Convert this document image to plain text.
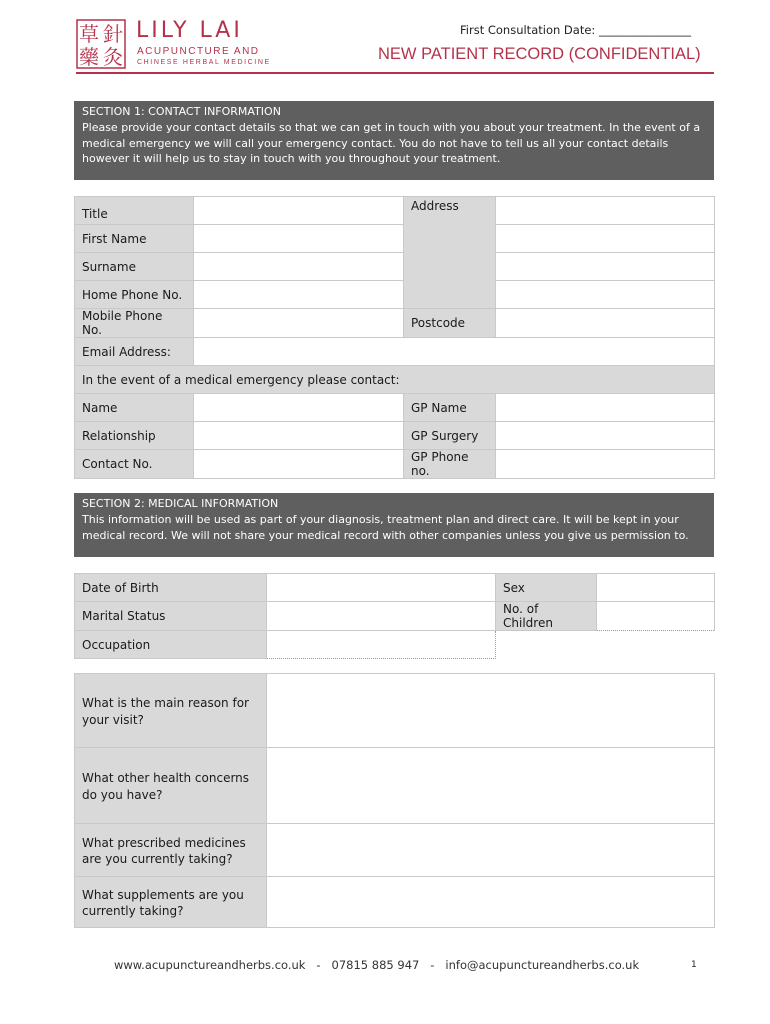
草 針
藥 灸
LILY LAI
ACUPUNCTURE AND
CHINESE HERBAL MEDICINE
First Consultation Date: ________________
NEW PATIENT RECORD (CONFIDENTIAL)
SECTION 1: CONTACT INFORMATION
Please provide your contact details so that we can get in touch with you about your treatment. In the event of a medical emergency we will call your emergency contact. You do not have to tell us all your contact details however it will help us to stay in touch with you throughout your treatment.
Title		Address	
First Name			
Surname			
Home Phone No.			
Mobile Phone No.		Postcode	
Email Address:			
In the event of a medical emergency please contact:			
Name		GP Name	
Relationship		GP Surgery	
Contact No.		GP Phone no.	
SECTION 2: MEDICAL INFORMATION
This information will be used as part of your diagnosis, treatment plan and direct care. It will be kept in your medical record. We will not share your medical record with other companies unless you give us permission to.
Date of Birth		Sex	
Marital Status		No. of Children	
Occupation			
What is the main reason for your visit?	
What other health concerns do you have?	
What prescribed medicines are you currently taking?	
What supplements are you currently taking?	
www.acupunctureandherbs.co.uk   -   07815 885 947   -   info@acupunctureandherbs.co.uk	1
